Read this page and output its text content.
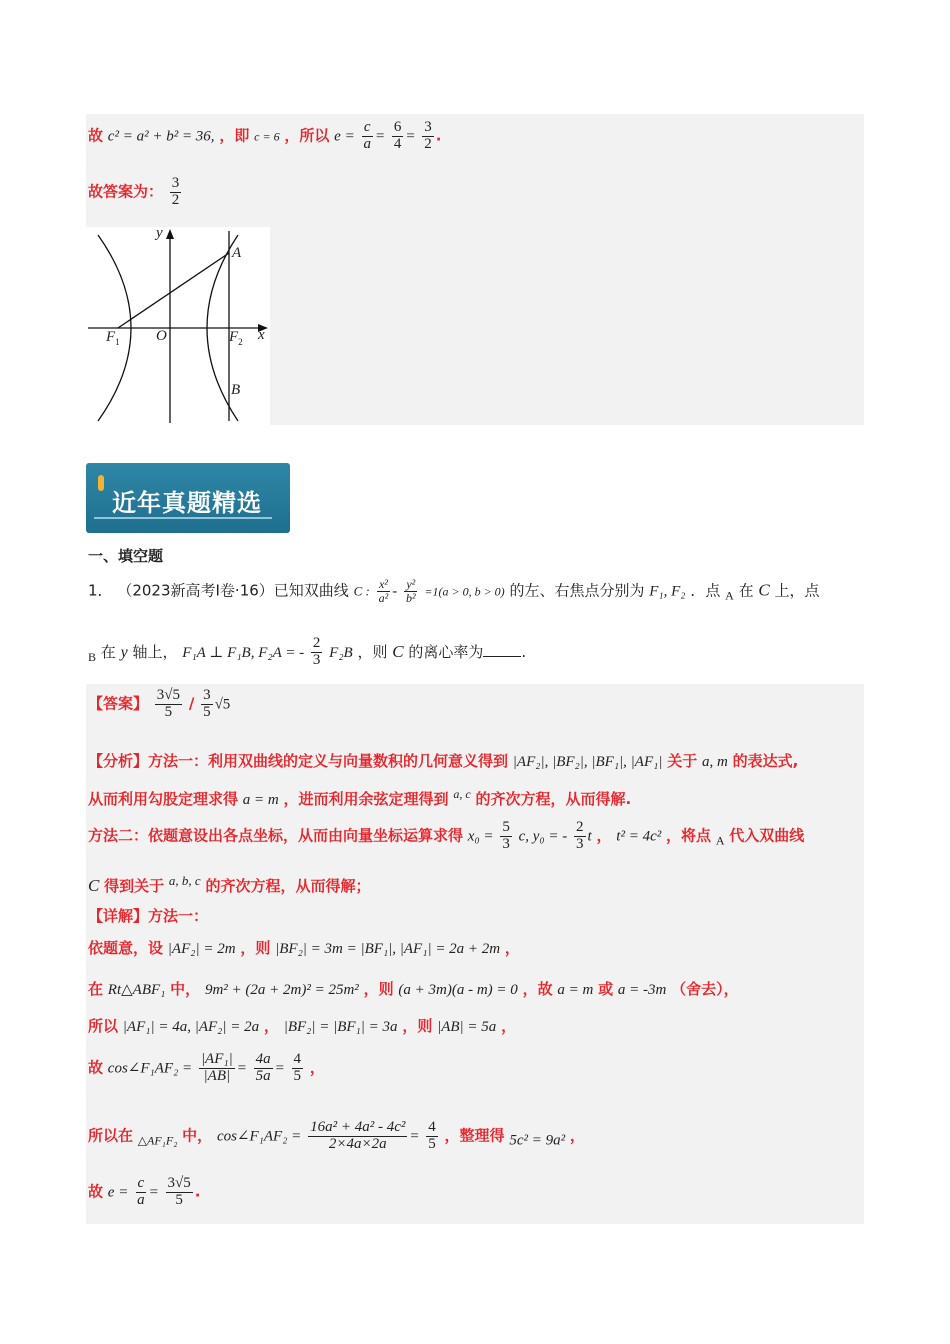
故 c² = a² + b² = 36, ，即 c = 6 ，所以 $e = \frac{c}{a} = \frac{6}{4} = \frac{3}{2}$ .
故答案为： $\frac{3}{2}$
y
x
A
B
O
$F_1$	$F_2$
近年真题精选
一、填空题
1． （2023新高考Ⅰ卷·16）已知双曲线 C : $\frac{\text{x²}}{\text{a²}} - \frac{\text{y²}}{\text{b²}} =1(a > 0$, b > 0) 的左、右焦点分别为 F₁, F₂ ．点 $_A$ 在 C 上，点
$_B$ 在 y 轴上， F₁A ⊥ F₁B, F₂A = - $\frac{2}{3} F_2B$ ，则 C 的离心率为	.
【答案】 $\frac{3√5}{5} / \frac{3}{5} √5$
【分析】方法一：利用双曲线的定义与向量数积的几何意义得到 |AF₂|, |BF₂|, |BF₁|, |AF₁| 关于 a, m 的表达式,
从而利用勾股定理求得 a = m ，进而利用余弦定理得到 $^{a, c}$ 的齐次方程，从而得解.
方法二：依题意设出各点坐标，从而由向量坐标运算求得 $x_0 = \frac{5}{3} c$, y₀ = - $\frac{2}{3}$ t ， t² = 4c² ，将点 $_A$ 代入双曲线
C 得到关于 a, b, c 的齐次方程，从而得解；
【详解】方法一：
依题意，设 |AF₂| = 2m ，则 |BF₂| = 3m = |BF₁|, |AF₁| = 2a + 2m ，
在 Rt△ABF₁ 中， 9m² + (2a + 2m)² = 25m² ，则 (a + 3m)(a - m) = 0 ，故 a = m 或 a = -3m （舍去），
所以 |AF₁| = 4a, |AF₂| = 2a ， |BF₂| = |BF₁| = 3a ，则 |AB| = 5a ，
故 cos∠F₁AF₂ = $\frac{\text{|AF₁|}}{|AB|} = \frac{4a}{5a} = \frac{4}{5}$ ，
所以在 $_{\triangle AF_1F_2}$ 中， cos∠F₁AF₂ = $\frac{\text{16a² + 4a² - 4c²}}{2\times 4a\times 2a} = \frac{4}{5}$ ，整理得 5c² = 9a² ，
故 $e = \frac{c}{a} = \frac{3√5}{5}$ .
